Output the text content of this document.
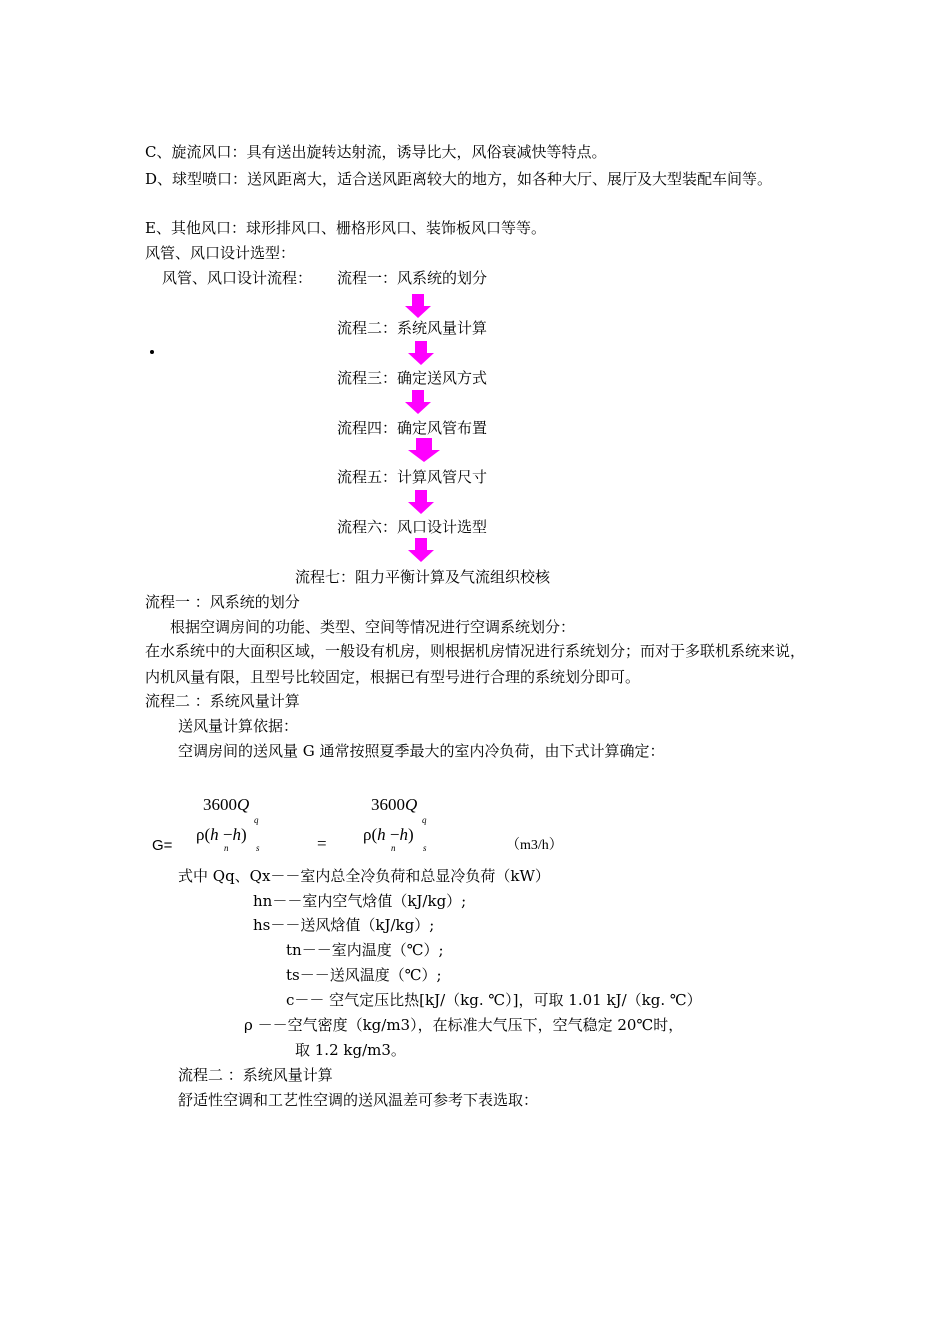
C、旋流风口：具有送出旋转达射流，诱导比大，风俗衰减快等特点。
D、球型喷口：送风距离大，适合送风距离较大的地方，如各种大厅、展厅及大型装配车间等。
E、其他风口：球形排风口、栅格形风口、装饰板风口等等。
风管、风口设计选型：
风管、风口设计流程： 流程一：风系统的划分
流程二：系统风量计算
流程三：确定送风方式
流程四：确定风管布置
流程五：计算风管尺寸
流程六：风口设计选型
流程七：阻力平衡计算及气流组织校核
流程一 ：风系统的划分
根据空调房间的功能、类型、空间等情况进行空调系统划分：
在水系统中的大面积区域，一般设有机房，则根据机房情况进行系统划分；而对于多联机系统来说，内机风量有限，且型号比较固定，根据已有型号进行合理的系统划分即可。
流程二 ：系统风量计算
送风量计算依据：
空调房间的送风量 G 通常按照夏季最大的室内冷负荷，由下式计算确定：
G=
3600Q
q
ρ(h −h)
n	s	=
3600Q
q
ρ(h −h)
n	s	（m3/h）
式中 Qq、Qx－－室内总全冷负荷和总显冷负荷（kW）
hn－－室内空气焓值（kJ/kg）;
hs－－送风焓值（kJ/kg）;
tn－－室内温度（℃）;
ts－－送风温度（℃）;
c－－ 空气定压比热[kJ/（kg. ℃）]，可取 1.01 kJ/（kg. ℃）
ρ －－空气密度（kg/m3），在标准大气压下，空气稳定 20℃时，
取 1.2 kg/m3。
流程二 ：系统风量计算
舒适性空调和工艺性空调的送风温差可参考下表选取：
